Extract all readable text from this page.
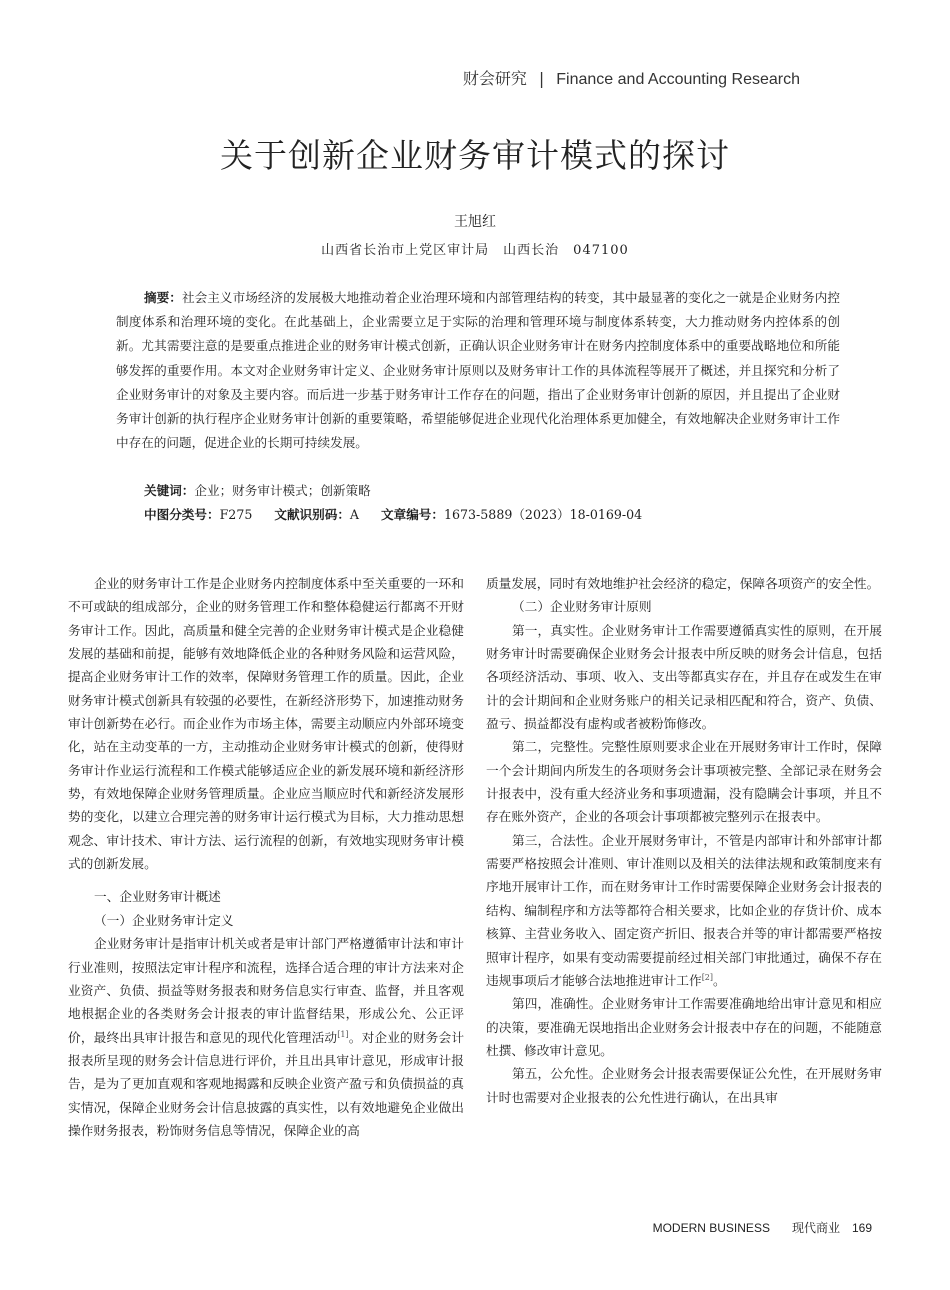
财会研究 | Finance and Accounting Research
关于创新企业财务审计模式的探讨
王旭红
山西省长治市上党区审计局　山西长治　047100

摘要：社会主义市场经济的发展极大地推动着企业治理环境和内部管理结构的转变，其中最显著的变化之一就是企业财务内控制度体系和治理环境的变化。在此基础上，企业需要立足于实际的治理和管理环境与制度体系转变，大力推动财务内控体系的创新。尤其需要注意的是要重点推进企业的财务审计模式创新，正确认识企业财务审计在财务内控制度体系中的重要战略地位和所能够发挥的重要作用。本文对企业财务审计定义、企业财务审计原则以及财务审计工作的具体流程等展开了概述，并且探究和分析了企业财务审计的对象及主要内容。而后进一步基于财务审计工作存在的问题，指出了企业财务审计创新的原因，并且提出了企业财务审计创新的执行程序企业财务审计创新的重要策略，希望能够促进企业现代化治理体系更加健全，有效地解决企业财务审计工作中存在的问题，促进企业的长期可持续发展。

关键词：企业；财务审计模式；创新策略
中图分类号：F275 文献识别码：A 文章编号：1673-5889（2023）18-0169-04

企业的财务审计工作是企业财务内控制度体系中至关重要的一环和不可或缺的组成部分，企业的财务管理工作和整体稳健运行都离不开财务审计工作。因此，高质量和健全完善的企业财务审计模式是企业稳健发展的基础和前提，能够有效地降低企业的各种财务风险和运营风险，提高企业财务审计工作的效率，保障财务管理工作的质量。因此，企业财务审计模式创新具有较强的必要性，在新经济形势下，加速推动财务审计创新势在必行。而企业作为市场主体，需要主动顺应内外部环境变化，站在主动变革的一方，主动推动企业财务审计模式的创新，使得财务审计作业运行流程和工作模式能够适应企业的新发展环境和新经济形势，有效地保障企业财务管理质量。企业应当顺应时代和新经济发展形势的变化，以建立合理完善的财务审计运行模式为目标，大力推动思想观念、审计技术、审计方法、运行流程的创新，有效地实现财务审计模式的创新发展。

一、企业财务审计概述

（一）企业财务审计定义

企业财务审计是指审计机关或者是审计部门严格遵循审计法和审计行业准则，按照法定审计程序和流程，选择合适合理的审计方法来对企业资产、负债、损益等财务报表和财务信息实行审查、监督，并且客观地根据企业的各类财务会计报表的审计监督结果，形成公允、公正评价，最终出具审计报告和意见的现代化管理活动[1]。对企业的财务会计报表所呈现的财务会计信息进行评价，并且出具审计意见，形成审计报告，是为了更加直观和客观地揭露和反映企业资产盈亏和负债损益的真实情况，保障企业财务会计信息披露的真实性，以有效地避免企业做出操作财务报表，粉饰财务信息等情况，保障企业的高

质量发展，同时有效地维护社会经济的稳定，保障各项资产的安全性。

（二）企业财务审计原则

第一，真实性。企业财务审计工作需要遵循真实性的原则，在开展财务审计时需要确保企业财务会计报表中所反映的财务会计信息，包括各项经济活动、事项、收入、支出等都真实存在，并且存在或发生在审计的会计期间和企业财务账户的相关记录相匹配和符合，资产、负债、盈亏、损益都没有虚构或者被粉饰修改。

第二，完整性。完整性原则要求企业在开展财务审计工作时，保障一个会计期间内所发生的各项财务会计事项被完整、全部记录在财务会计报表中，没有重大经济业务和事项遗漏，没有隐瞒会计事项，并且不存在账外资产，企业的各项会计事项都被完整列示在报表中。

第三，合法性。企业开展财务审计，不管是内部审计和外部审计都需要严格按照会计准则、审计准则以及相关的法律法规和政策制度来有序地开展审计工作，而在财务审计工作时需要保障企业财务会计报表的结构、编制程序和方法等都符合相关要求，比如企业的存货计价、成本核算、主营业务收入、固定资产折旧、报表合并等的审计都需要严格按照审计程序，如果有变动需要提前经过相关部门审批通过，确保不存在违规事项后才能够合法地推进审计工作[2]。

第四，准确性。企业财务审计工作需要准确地给出审计意见和相应的决策，要准确无误地指出企业财务会计报表中存在的问题，不能随意杜撰、修改审计意见。

第五，公允性。企业财务会计报表需要保证公允性，在开展财务审计时也需要对企业报表的公允性进行确认，在出具审

MODERN BUSINESS 现代商业 169
